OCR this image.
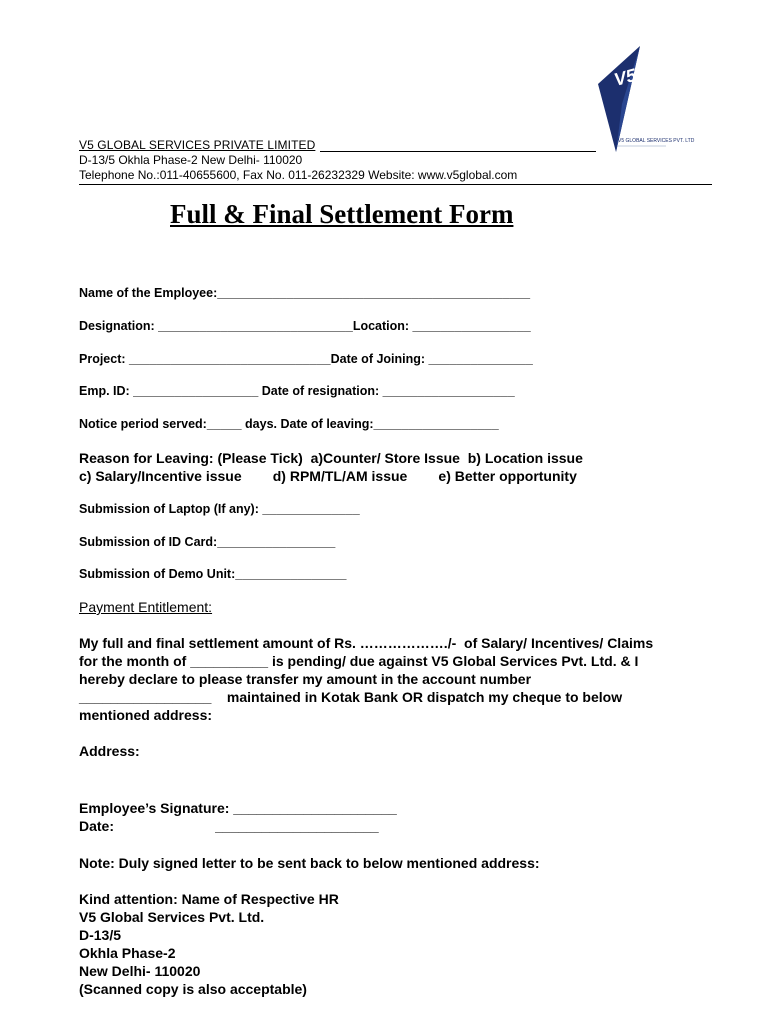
V5
V5 GLOBAL SERVICES PVT. LTD
V5 GLOBAL SERVICES PRIVATE LIMITED
D-13/5 Okhla Phase-2 New Delhi- 110020
Telephone No.:011-40655600, Fax No. 011-26232329 Website: www.v5global.com
Full & Final Settlement Form
Name of the Employee:_____________________________________________
Designation: ____________________________Location: _________________
Project: _____________________________Date of Joining: _______________
Emp. ID: __________________ Date of resignation: ___________________
Notice period served:_____ days. Date of leaving:__________________
Reason for Leaving: (Please Tick)  a)Counter/ Store Issue  b) Location issue
c) Salary/Incentive issue        d) RPM/TL/AM issue        e) Better opportunity
Submission of Laptop (If any): ______________
Submission of ID Card:_________________
Submission of Demo Unit:________________
Payment Entitlement:
My full and final settlement amount of Rs. ………………./-  of Salary/ Incentives/ Claims
for the month of __________ is pending/ due against V5 Global Services Pvt. Ltd. & I
hereby declare to please transfer my amount in the account number
_________________    maintained in Kotak Bank OR dispatch my cheque to below
mentioned address:
Address:
Employee’s Signature: _____________________
Date:                          _____________________
Note: Duly signed letter to be sent back to below mentioned address:
Kind attention: Name of Respective HR
V5 Global Services Pvt. Ltd.
D-13/5
Okhla Phase-2
New Delhi- 110020
(Scanned copy is also acceptable)
